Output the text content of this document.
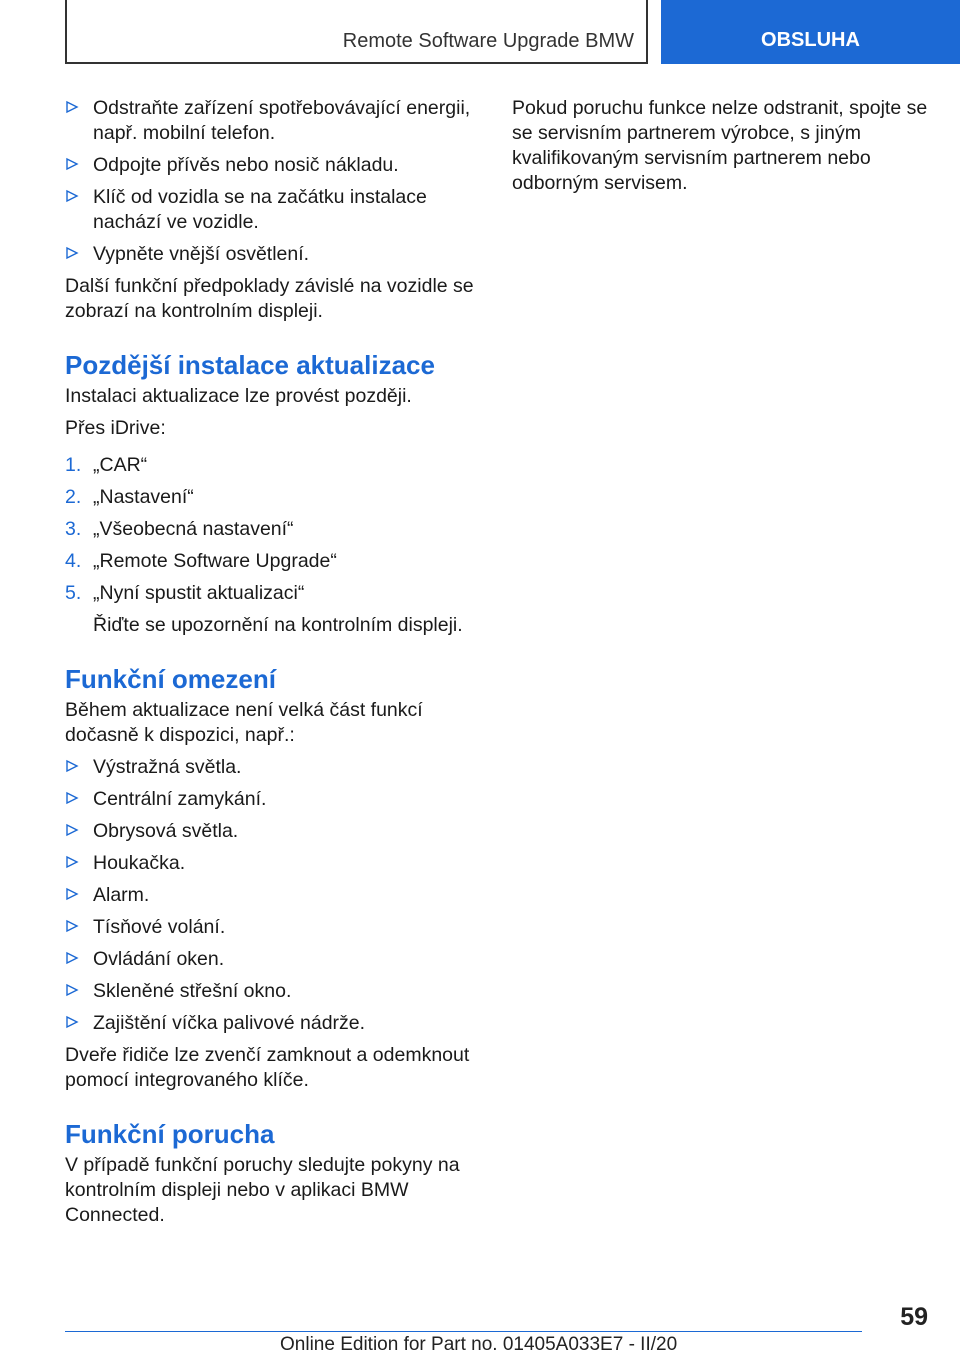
Remote Software Upgrade BMW	OBSLUHA
Odstraňte zařízení spotřebovávající energii, např. mobilní telefon.
Odpojte přívěs nebo nosič nákladu.
Klíč od vozidla se na začátku instalace nachází ve vozidle.
Vypněte vnější osvětlení.

Další funkční předpoklady závislé na vozidle se zobrazí na kontrolním displeji.

Pozdější instalace aktualizace

Instalaci aktualizace lze provést později.

Přes iDrive:

1. „CAR“
2. „Nastavení“
3. „Všeobecná nastavení“
4. „Remote Software Upgrade“
5. „Nyní spustit aktualizaci“

Řiďte se upozornění na kontrolním displeji.

Funkční omezení

Během aktualizace není velká část funkcí dočasně k dispozici, např.:

Výstražná světla.
Centrální zamykání.
Obrysová světla.
Houkačka.
Alarm.
Tísňové volání.
Ovládání oken.
Skleněné střešní okno.
Zajištění víčka palivové nádrže.

Dveře řidiče lze zvenčí zamknout a odemknout pomocí integrovaného klíče.

Funkční porucha

V případě funkční poruchy sledujte pokyny na kontrolním displeji nebo v aplikaci BMW Connected.

Pokud poruchu funkce nelze odstranit, spojte se se servisním partnerem výrobce, s jiným kvalifikovaným servisním partnerem nebo odborným servisem.

59
Online Edition for Part no. 01405A033E7 - II/20
